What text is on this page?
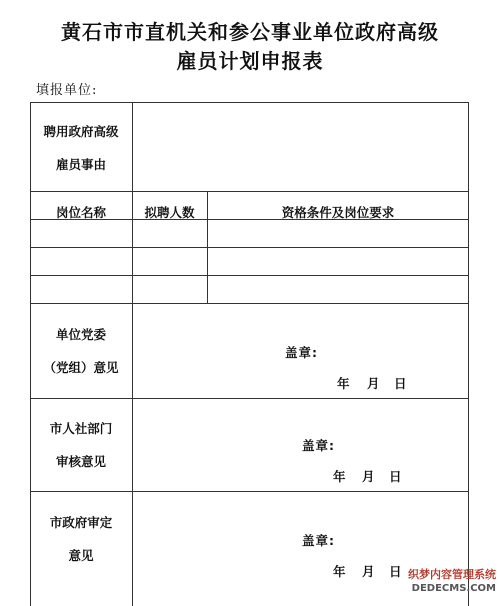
黄石市市直机关和参公事业单位政府高级
雇员计划申报表
填报单位:
聘用政府高级
雇员事由
岗位名称	拟聘人数	资格条件及岗位要求
单位党委
（党组）意见
盖章:
年 月 日
市人社部门
审核意见
盖章:
年 月 日
市政府审定
意见
盖章:
年 月 日 织梦内容管理系统
DEDECMS.COM
